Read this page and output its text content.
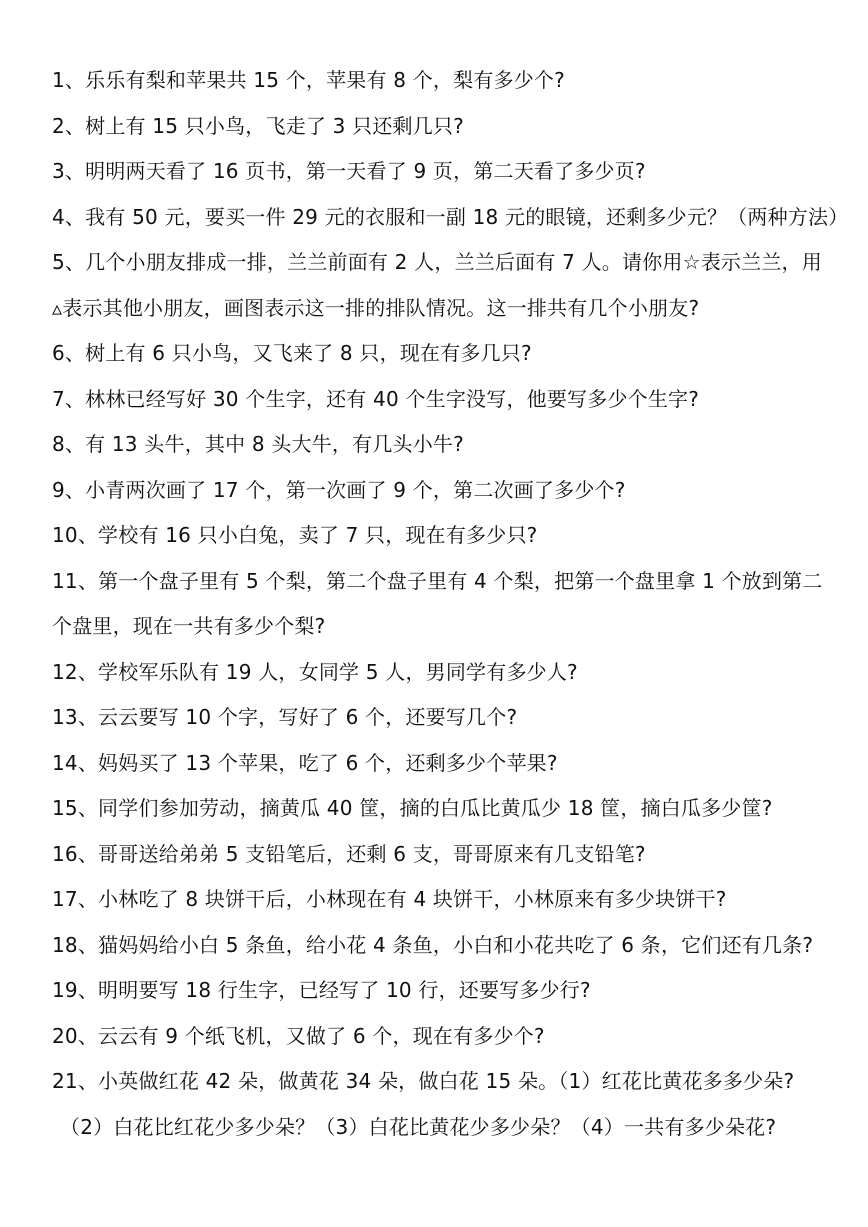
1、乐乐有梨和苹果共 15 个，苹果有 8 个，梨有多少个?
2、树上有 15 只小鸟，飞走了 3 只还剩几只?
3、明明两天看了 16 页书，第一天看了 9 页，第二天看了多少页?
4、我有 50 元，要买一件 29 元的衣服和一副 18 元的眼镜，还剩多少元？（两种方法）
5、几个小朋友排成一排，兰兰前面有 2 人，兰兰后面有 7 人。请你用☆表示兰兰，用
▵表示其他小朋友，画图表示这一排的排队情况。这一排共有几个小朋友?
6、树上有 6 只小鸟，又飞来了 8 只，现在有多几只?
7、林林已经写好 30 个生字，还有 40 个生字没写，他要写多少个生字?
8、有 13 头牛，其中 8 头大牛，有几头小牛?
9、小青两次画了 17 个，第一次画了 9 个，第二次画了多少个?
10、学校有 16 只小白兔，卖了 7 只，现在有多少只?
11、第一个盘子里有 5 个梨，第二个盘子里有 4 个梨，把第一个盘里拿 1 个放到第二
个盘里，现在一共有多少个梨?
12、学校军乐队有 19 人，女同学 5 人，男同学有多少人?
13、云云要写 10 个字，写好了 6 个，还要写几个?
14、妈妈买了 13 个苹果，吃了 6 个，还剩多少个苹果?
15、同学们参加劳动，摘黄瓜 40 筐，摘的白瓜比黄瓜少 18 筐，摘白瓜多少筐?
16、哥哥送给弟弟 5 支铅笔后，还剩 6 支，哥哥原来有几支铅笔?
17、小林吃了 8 块饼干后，小林现在有 4 块饼干，小林原来有多少块饼干?
18、猫妈妈给小白 5 条鱼，给小花 4 条鱼，小白和小花共吃了 6 条，它们还有几条?
19、明明要写 18 行生字，已经写了 10 行，还要写多少行?
20、云云有 9 个纸飞机，又做了 6 个，现在有多少个?
21、小英做红花 42 朵，做黄花 34 朵，做白花 15 朵。（1）红花比黄花多多少朵?
（2）白花比红花少多少朵？（3）白花比黄花少多少朵？（4）一共有多少朵花?
